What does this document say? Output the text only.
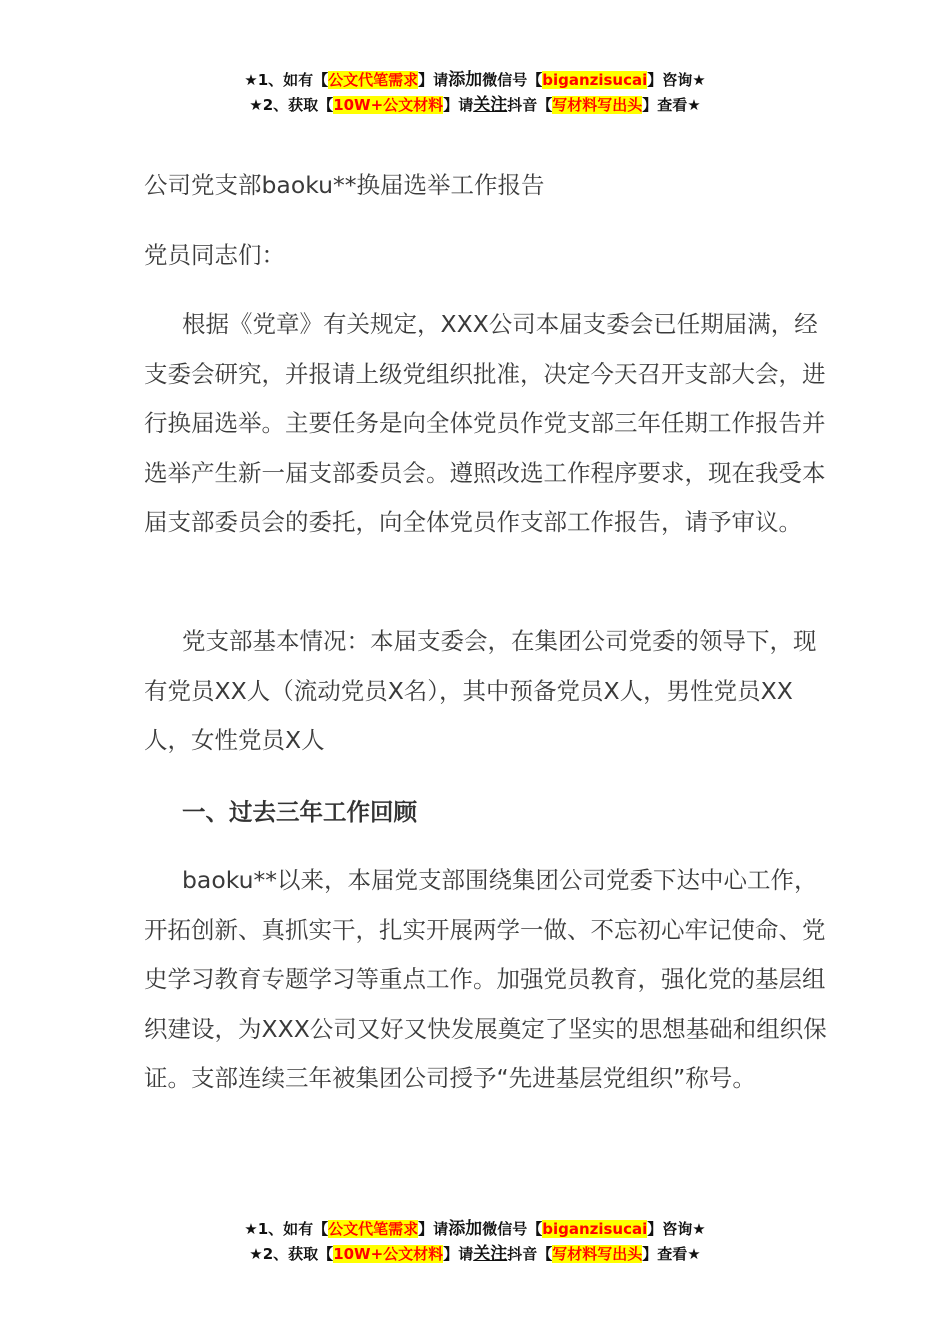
★1、如有【公文代笔需求】请添加微信号【biganzisucai】咨询★
★2、获取【10W+公文材料】请关注抖音【写材料写出头】查看★
公司党支部baoku**换届选举工作报告
党员同志们：

根据《党章》有关规定，XXX公司本届支委会已任期届满，经支委会研究，并报请上级党组织批准，决定今天召开支部大会，进行换届选举。主要任务是向全体党员作党支部三年任期工作报告并选举产生新一届支部委员会。遵照改选工作程序要求，现在我受本届支部委员会的委托，向全体党员作支部工作报告，请予审议。

党支部基本情况：本届支委会，在集团公司党委的领导下，现有党员XX人（流动党员X名），其中预备党员X人，男性党员XX人，女性党员X人

一、过去三年工作回顾

baoku**以来，本届党支部围绕集团公司党委下达中心工作，开拓创新、真抓实干，扎实开展两学一做、不忘初心牢记使命、党史学习教育专题学习等重点工作。加强党员教育，强化党的基层组织建设，为XXX公司又好又快发展奠定了坚实的思想基础和组织保证。支部连续三年被集团公司授予“先进基层党组织”称号。

★1、如有【公文代笔需求】请添加微信号【biganzisucai】咨询★
★2、获取【10W+公文材料】请关注抖音【写材料写出头】查看★
